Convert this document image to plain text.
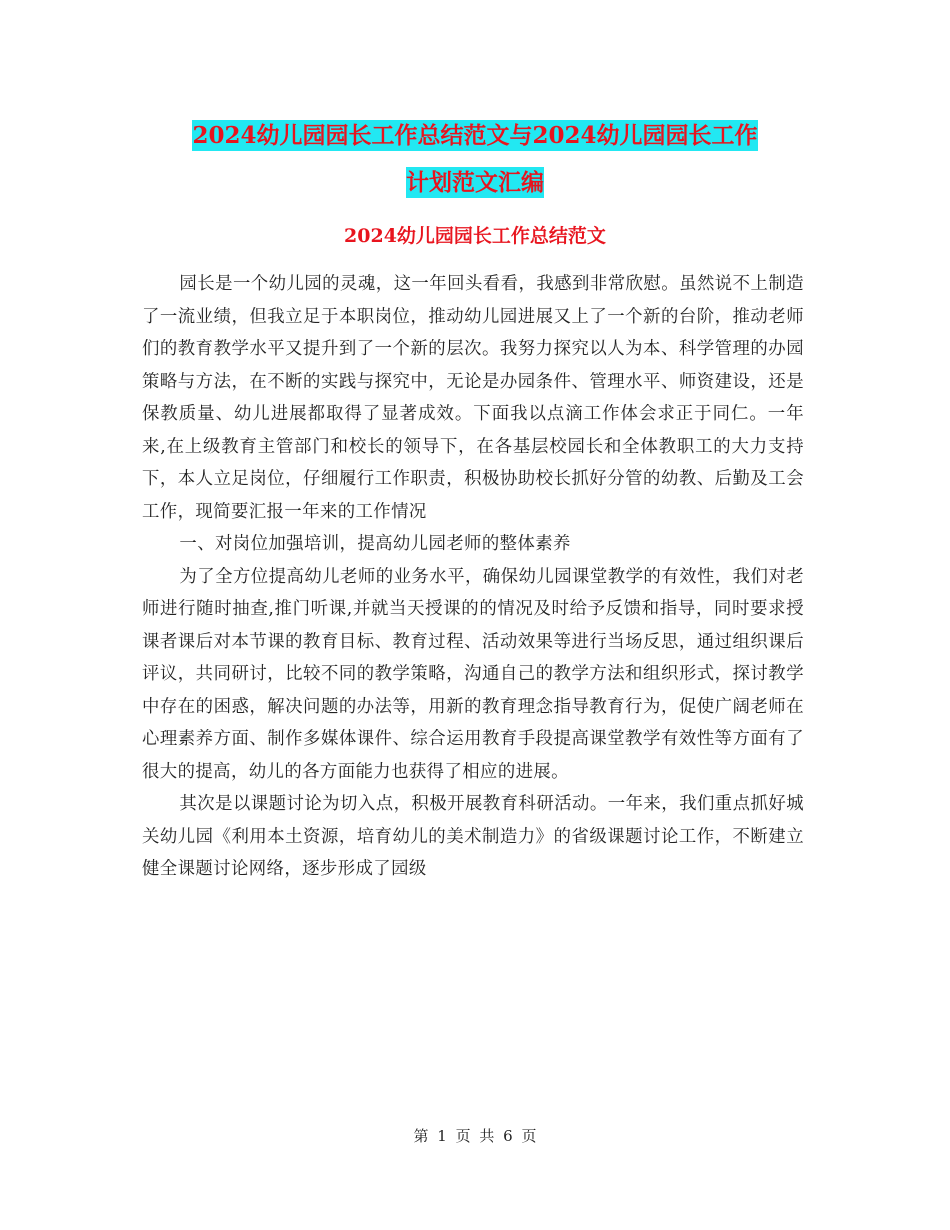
2024幼儿园园长工作总结范文与2024幼儿园园长工作
计划范文汇编
2024幼儿园园长工作总结范文

园长是一个幼儿园的灵魂，这一年回头看看，我感到非常欣慰。虽然说不上制造了一流业绩，但我立足于本职岗位，推动幼儿园进展又上了一个新的台阶，推动老师们的教育教学水平又提升到了一个新的层次。我努力探究以人为本、科学管理的办园策略与方法，在不断的实践与探究中，无论是办园条件、管理水平、师资建设，还是保教质量、幼儿进展都取得了显著成效。下面我以点滴工作体会求正于同仁。一年来,在上级教育主管部门和校长的领导下，在各基层校园长和全体教职工的大力支持下，本人立足岗位，仔细履行工作职责，积极协助校长抓好分管的幼教、后勤及工会工作，现简要汇报一年来的工作情况

一、对岗位加强培训，提高幼儿园老师的整体素养

为了全方位提高幼儿老师的业务水平，确保幼儿园课堂教学的有效性，我们对老师进行随时抽查,推门听课,并就当天授课的的情况及时给予反馈和指导，同时要求授课者课后对本节课的教育目标、教育过程、活动效果等进行当场反思，通过组织课后评议，共同研讨，比较不同的教学策略，沟通自己的教学方法和组织形式，探讨教学中存在的困惑，解决问题的办法等，用新的教育理念指导教育行为，促使广阔老师在心理素养方面、制作多媒体课件、综合运用教育手段提高课堂教学有效性等方面有了很大的提高，幼儿的各方面能力也获得了相应的进展。

其次是以课题讨论为切入点，积极开展教育科研活动。一年来，我们重点抓好城关幼儿园《利用本土资源，培育幼儿的美术制造力》的省级课题讨论工作，不断建立健全课题讨论网络，逐步形成了园级

第 1 页 共 6 页
